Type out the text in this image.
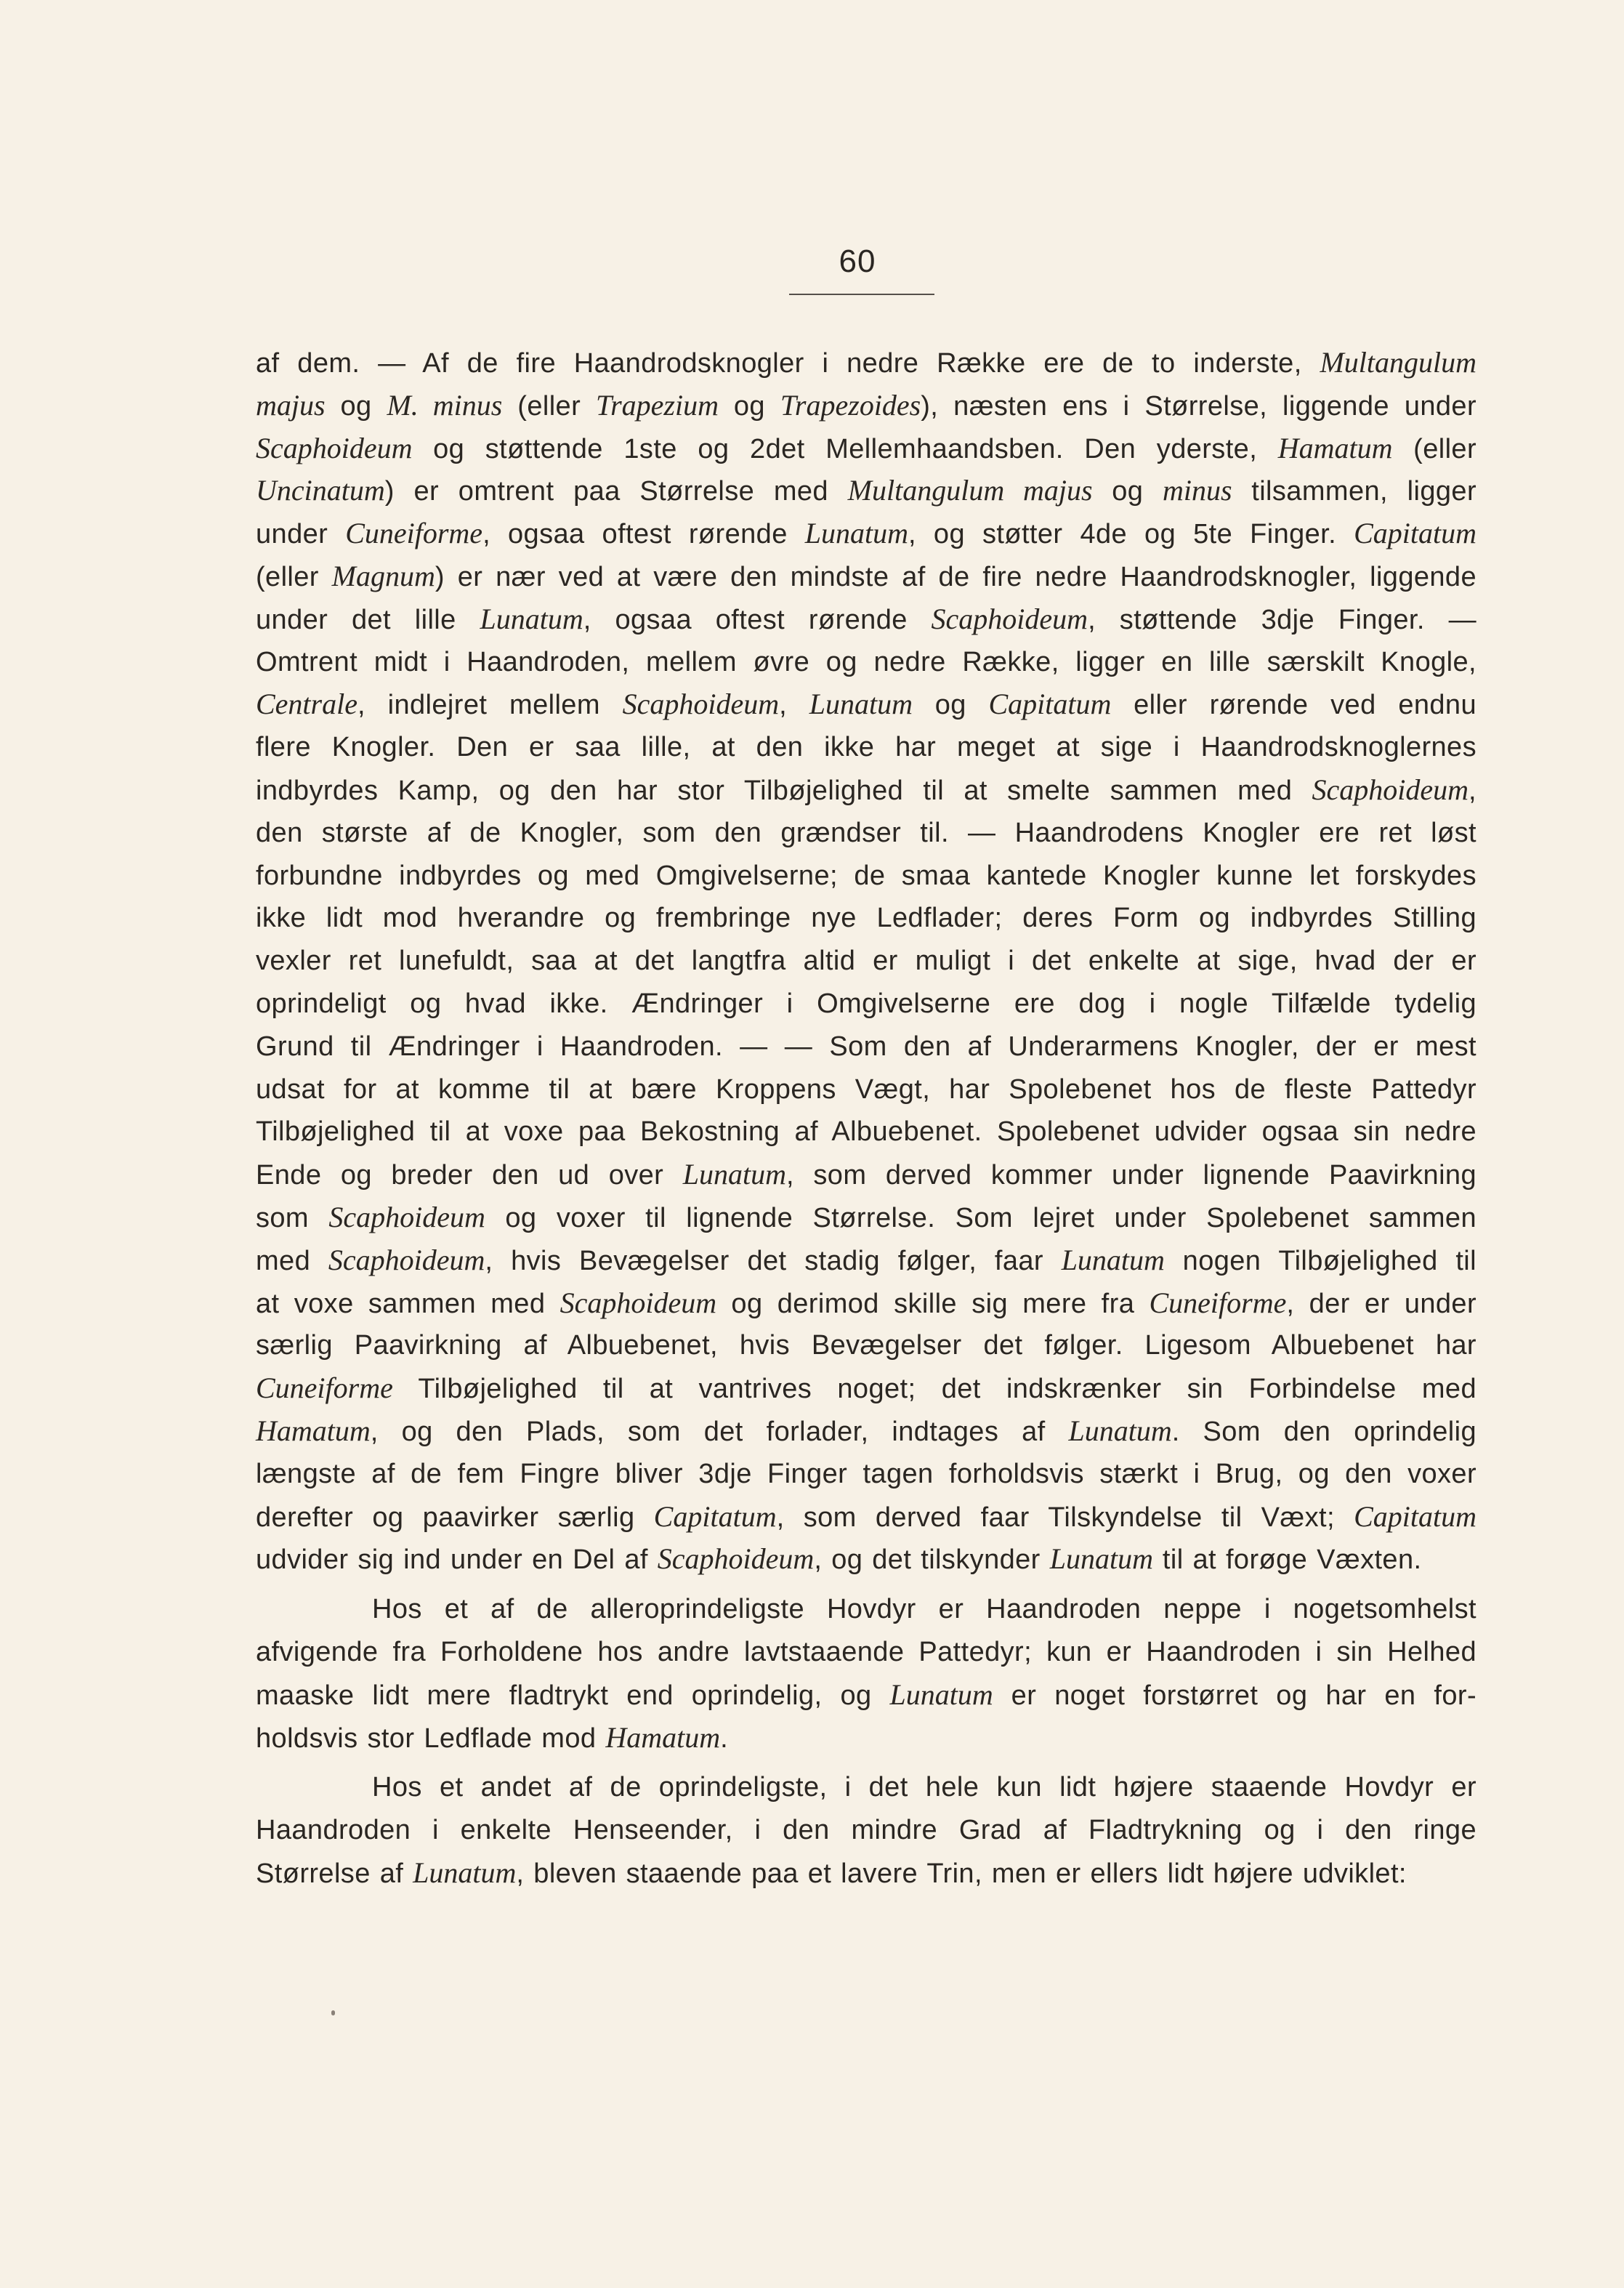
60
af dem. — Af de fire Haandrodsknogler i nedre Række ere de to inderste, Multangulum
majus og M. minus (eller Trapezium og Trapezoides), næsten ens i Størrelse, liggende under
Scaphoideum og støttende 1ste og 2det Mellemhaandsben. Den yderste, Hamatum (eller
Uncinatum) er omtrent paa Størrelse med Multangulum majus og minus tilsammen, ligger
under Cuneiforme, ogsaa oftest rørende Lunatum, og støtter 4de og 5te Finger. Capitatum
(eller Magnum) er nær ved at være den mindste af de fire nedre Haandrodsknogler, liggende
under det lille Lunatum, ogsaa oftest rørende Scaphoideum, støttende 3dje Finger. —
Omtrent midt i Haandroden, mellem øvre og nedre Række, ligger en lille særskilt Knogle,
Centrale, indlejret mellem Scaphoideum, Lunatum og Capitatum eller rørende ved endnu
flere Knogler. Den er saa lille, at den ikke har meget at sige i Haandrodsknoglernes
indbyrdes Kamp, og den har stor Tilbøjelighed til at smelte sammen med Scaphoideum,
den største af de Knogler, som den grændser til. — Haandrodens Knogler ere ret løst
forbundne indbyrdes og med Omgivelserne; de smaa kantede Knogler kunne let forskydes
ikke lidt mod hverandre og frembringe nye Ledflader; deres Form og indbyrdes Stilling
vexler ret lunefuldt, saa at det langtfra altid er muligt i det enkelte at sige, hvad der er
oprindeligt og hvad ikke. Ændringer i Omgivelserne ere dog i nogle Tilfælde tydelig
Grund til Ændringer i Haandroden. — — Som den af Underarmens Knogler, der er mest
udsat for at komme til at bære Kroppens Vægt, har Spolebenet hos de fleste Pattedyr
Tilbøjelighed til at voxe paa Bekostning af Albuebenet. Spolebenet udvider ogsaa sin nedre
Ende og breder den ud over Lunatum, som derved kommer under lignende Paavirkning
som Scaphoideum og voxer til lignende Størrelse. Som lejret under Spolebenet sammen
med Scaphoideum, hvis Bevægelser det stadig følger, faar Lunatum nogen Tilbøjelighed til
at voxe sammen med Scaphoideum og derimod skille sig mere fra Cuneiforme, der er under
særlig Paavirkning af Albuebenet, hvis Bevægelser det følger. Ligesom Albuebenet har
Cuneiforme Tilbøjelighed til at vantrives noget; det indskrænker sin Forbindelse med
Hamatum, og den Plads, som det forlader, indtages af Lunatum. Som den oprindelig
længste af de fem Fingre bliver 3dje Finger tagen forholdsvis stærkt i Brug, og den voxer
derefter og paavirker særlig Capitatum, som derved faar Tilskyndelse til Væxt; Capitatum
udvider sig ind under en Del af Scaphoideum, og det tilskynder Lunatum til at forøge Væxten.
Hos et af de alleroprindeligste Hovdyr er Haandroden neppe i nogetsomhelst
afvigende fra Forholdene hos andre lavtstaaende Pattedyr; kun er Haandroden i sin Helhed
maaske lidt mere fladtrykt end oprindelig, og Lunatum er noget forstørret og har en for-
holdsvis stor Ledflade mod Hamatum.
Hos et andet af de oprindeligste, i det hele kun lidt højere staaende Hovdyr er
Haandroden i enkelte Henseender, i den mindre Grad af Fladtrykning og i den ringe
Størrelse af Lunatum, bleven staaende paa et lavere Trin, men er ellers lidt højere udviklet:
